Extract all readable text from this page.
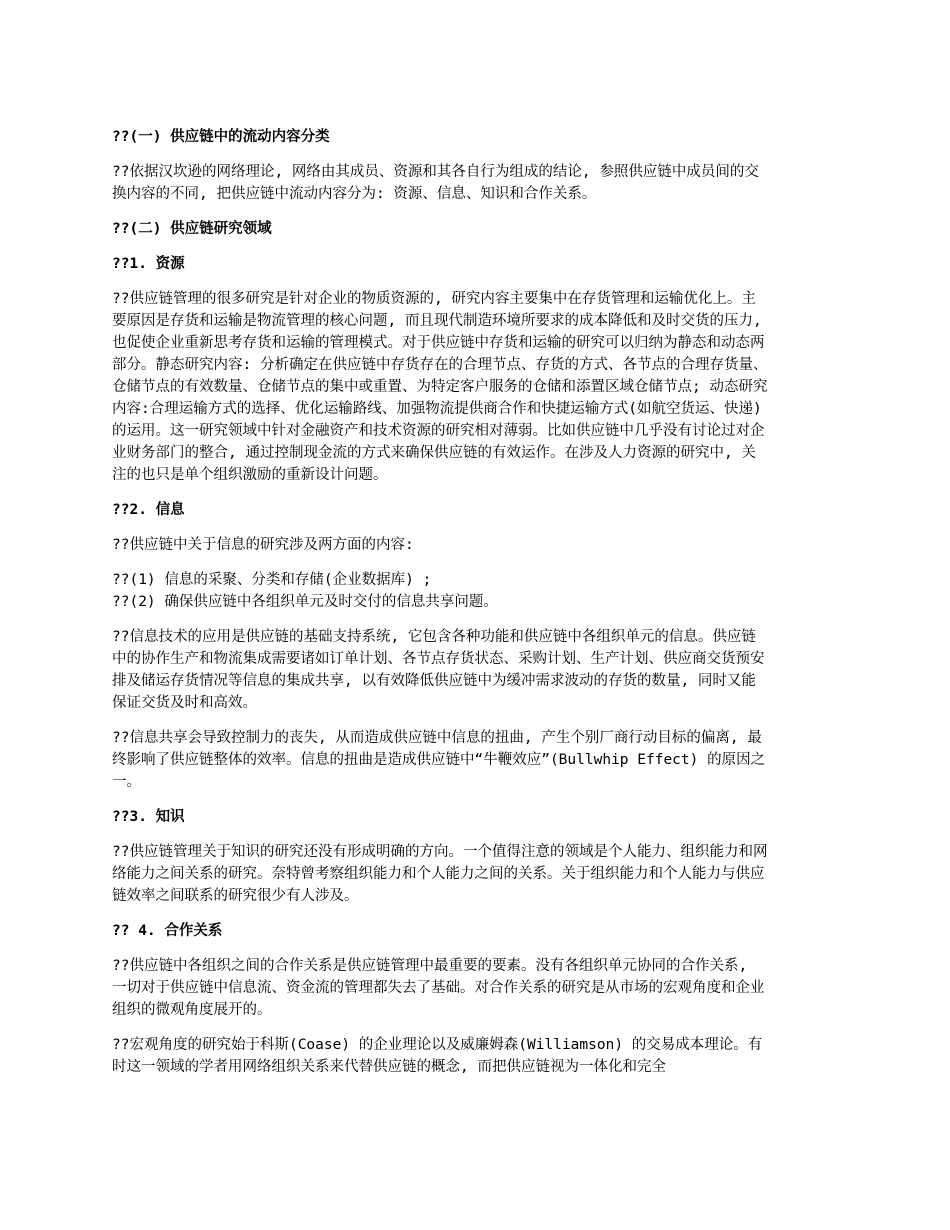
??(一) 供应链中的流动内容分类

??依据汉坎逊的网络理论, 网络由其成员、资源和其各自行为组成的结论, 参照供应链中成员间的交换内容的不同, 把供应链中流动内容分为: 资源、信息、知识和合作关系。

??(二) 供应链研究领域

??1. 资源

??供应链管理的很多研究是针对企业的物质资源的, 研究内容主要集中在存货管理和运输优化上。主要原因是存货和运输是物流管理的核心问题, 而且现代制造环境所要求的成本降低和及时交货的压力, 也促使企业重新思考存货和运输的管理模式。对于供应链中存货和运输的研究可以归纳为静态和动态两部分。静态研究内容: 分析确定在供应链中存货存在的合理节点、存货的方式、各节点的合理存货量、仓储节点的有效数量、仓储节点的集中或重置、为特定客户服务的仓储和添置区域仓储节点; 动态研究内容:合理运输方式的选择、优化运输路线、加强物流提供商合作和快捷运输方式(如航空货运、快递) 的运用。这一研究领域中针对金融资产和技术资源的研究相对薄弱。比如供应链中几乎没有讨论过对企业财务部门的整合, 通过控制现金流的方式来确保供应链的有效运作。在涉及人力资源的研究中, 关注的也只是单个组织激励的重新设计问题。

??2. 信息

??供应链中关于信息的研究涉及两方面的内容:

??(1) 信息的采聚、分类和存储(企业数据库) ;

??(2) 确保供应链中各组织单元及时交付的信息共享问题。

??信息技术的应用是供应链的基础支持系统, 它包含各种功能和供应链中各组织单元的信息。供应链中的协作生产和物流集成需要诸如订单计划、各节点存货状态、采购计划、生产计划、供应商交货预安排及储运存货情况等信息的集成共享, 以有效降低供应链中为缓冲需求波动的存货的数量, 同时又能保证交货及时和高效。

??信息共享会导致控制力的丧失, 从而造成供应链中信息的扭曲, 产生个别厂商行动目标的偏离, 最终影响了供应链整体的效率。信息的扭曲是造成供应链中“牛鞭效应”(Bullwhip Effect) 的原因之一。

??3. 知识

??供应链管理关于知识的研究还没有形成明确的方向。一个值得注意的领域是个人能力、组织能力和网络能力之间关系的研究。奈特曾考察组织能力和个人能力之间的关系。关于组织能力和个人能力与供应链效率之间联系的研究很少有人涉及。

?? 4. 合作关系

??供应链中各组织之间的合作关系是供应链管理中最重要的要素。没有各组织单元协同的合作关系, 一切对于供应链中信息流、资金流的管理都失去了基础。对合作关系的研究是从市场的宏观角度和企业组织的微观角度展开的。

??宏观角度的研究始于科斯(Coase) 的企业理论以及威廉姆森(Williamson) 的交易成本理论。有时这一领域的学者用网络组织关系来代替供应链的概念, 而把供应链视为一体化和完全
